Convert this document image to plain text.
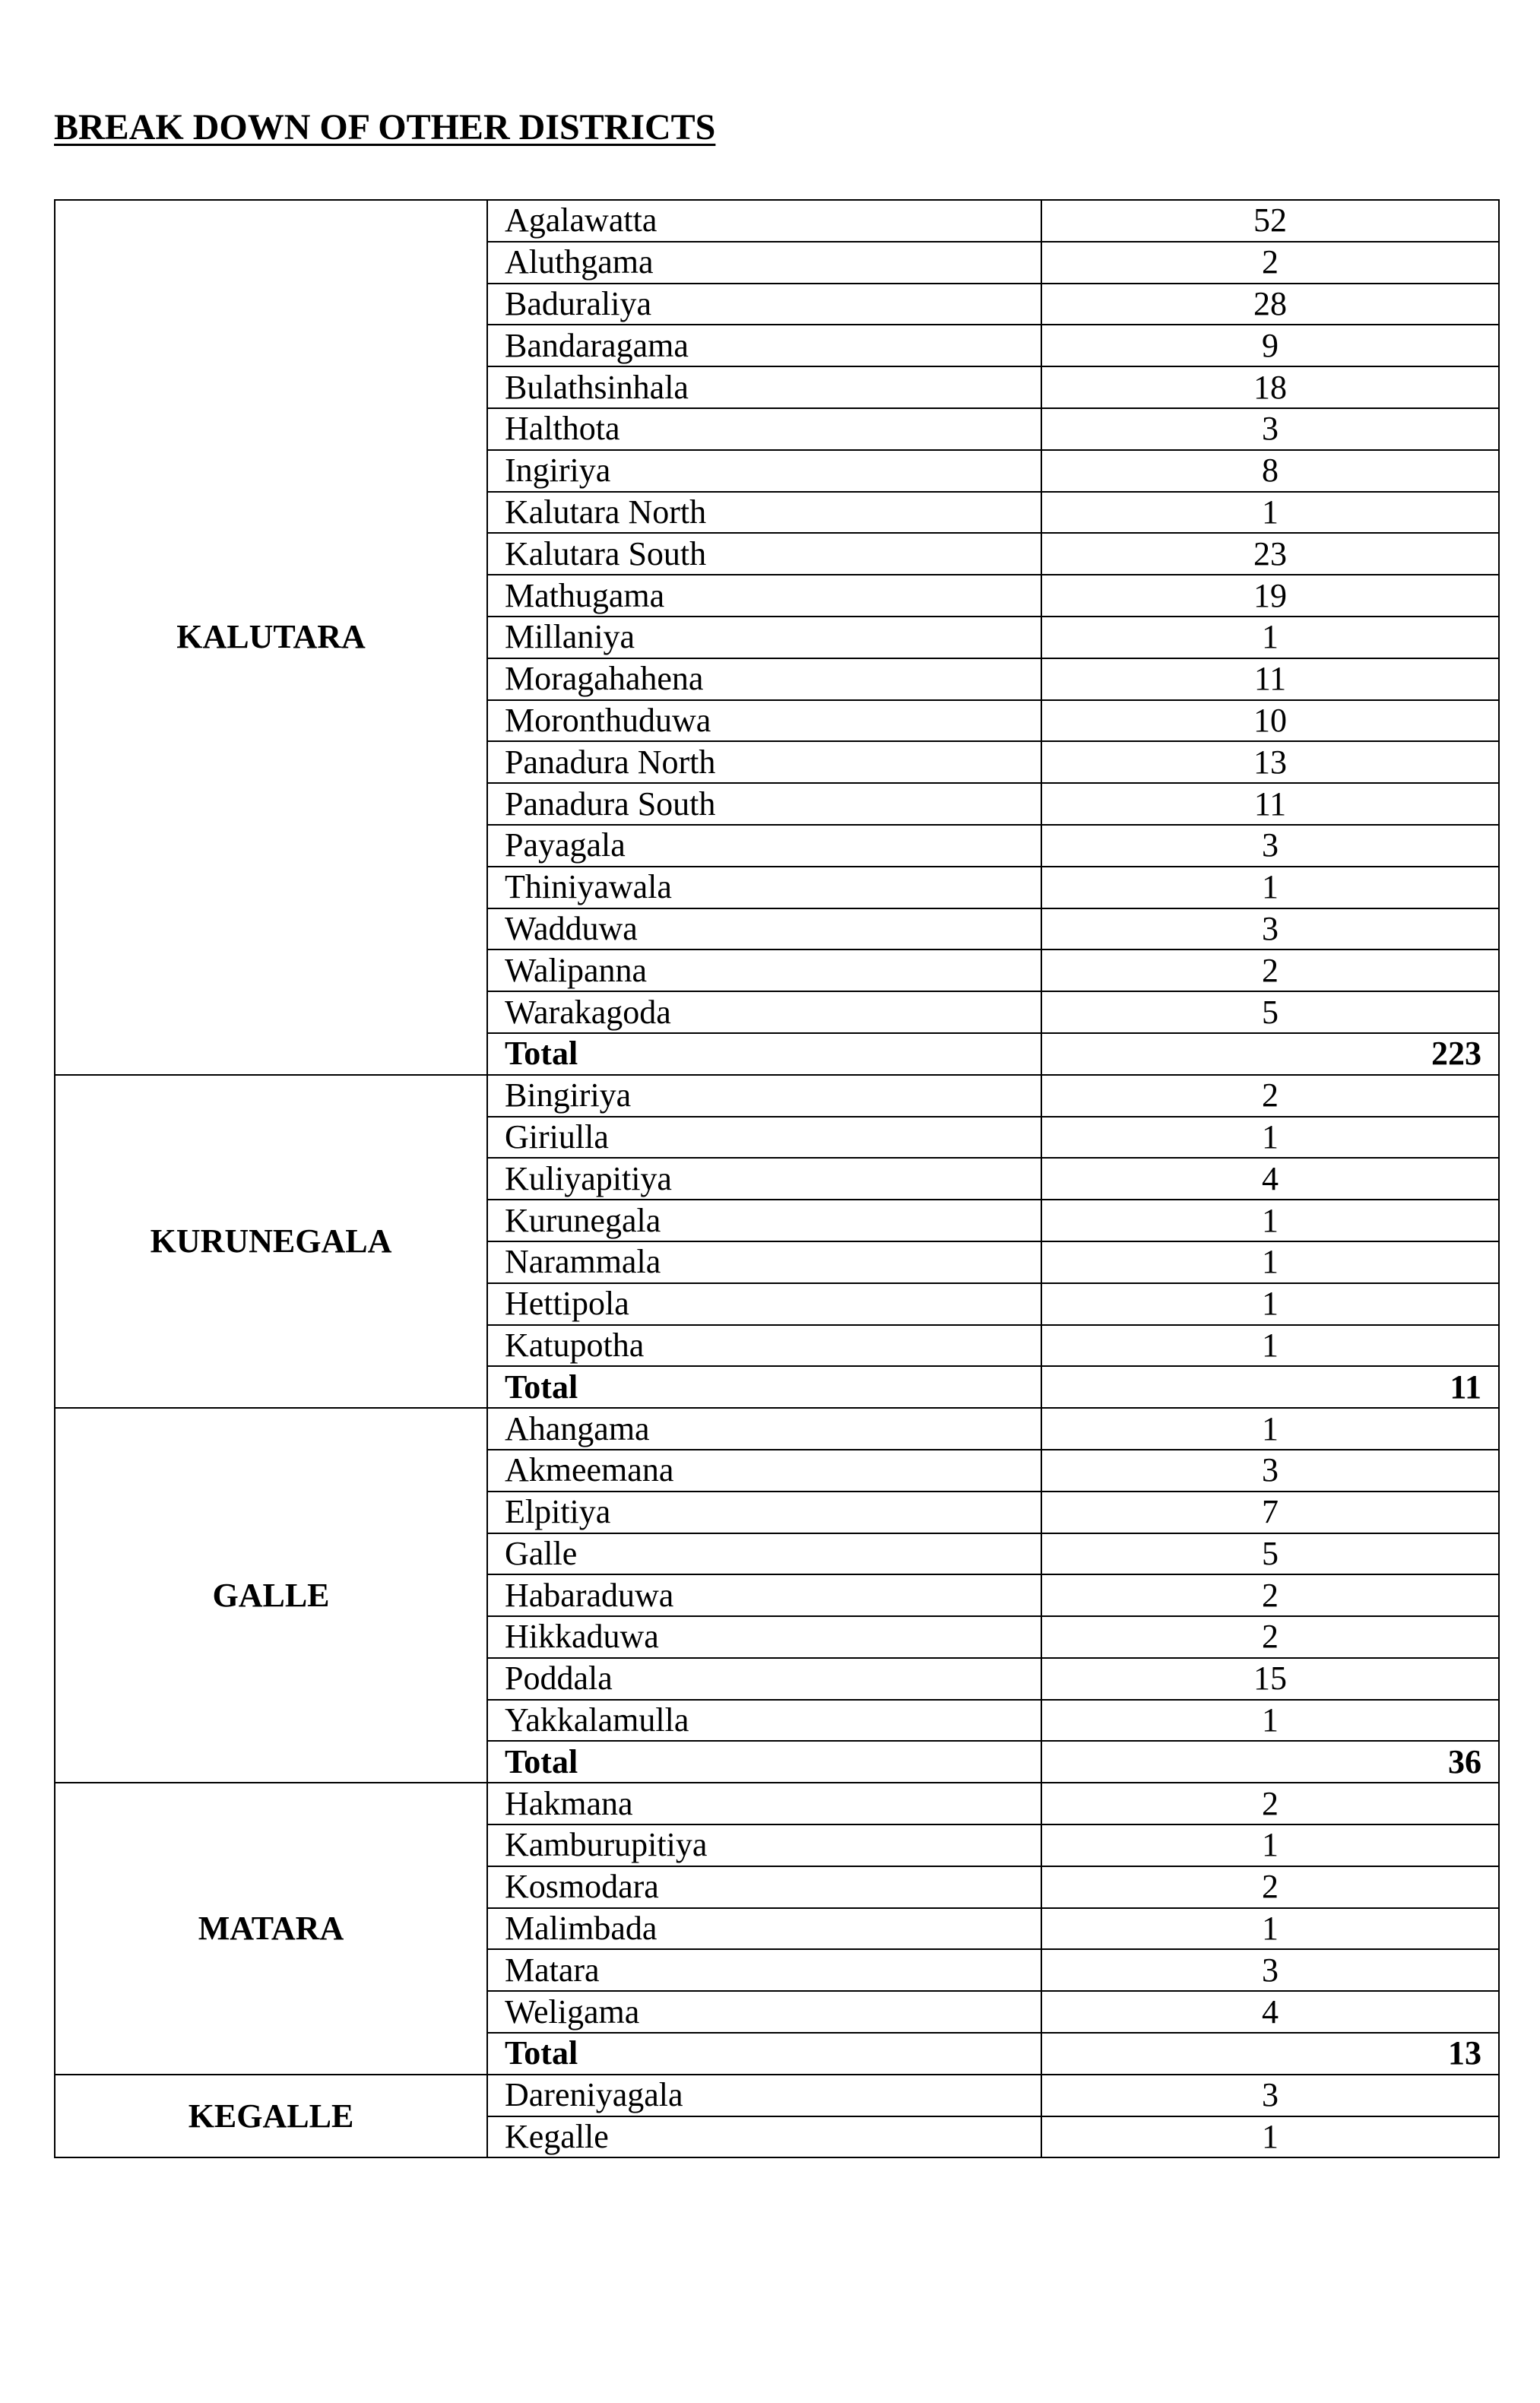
BREAK DOWN OF OTHER DISTRICTS
KALUTARA	Agalawatta	52
	Aluthgama	2
	Baduraliya	28
	Bandaragama	9
	Bulathsinhala	18
	Halthota	3
	Ingiriya	8
	Kalutara North	1
	Kalutara South	23
	Mathugama	19
	Millaniya	1
	Moragahahena	11
	Moronthuduwa	10
	Panadura North	13
	Panadura South	11
	Payagala	3
	Thiniyawala	1
	Wadduwa	3
	Walipanna	2
	Warakagoda	5
	Total	223
KURUNEGALA	Bingiriya	2
	Giriulla	1
	Kuliyapitiya	4
	Kurunegala	1
	Narammala	1
	Hettipola	1
	Katupotha	1
	Total	11
GALLE	Ahangama	1
	Akmeemana	3
	Elpitiya	7
	Galle	5
	Habaraduwa	2
	Hikkaduwa	2
	Poddala	15
	Yakkalamulla	1
	Total	36
MATARA	Hakmana	2
	Kamburupitiya	1
	Kosmodara	2
	Malimbada	1
	Matara	3
	Weligama	4
	Total	13
KEGALLE	Dareniyagala	3
	Kegalle	1
